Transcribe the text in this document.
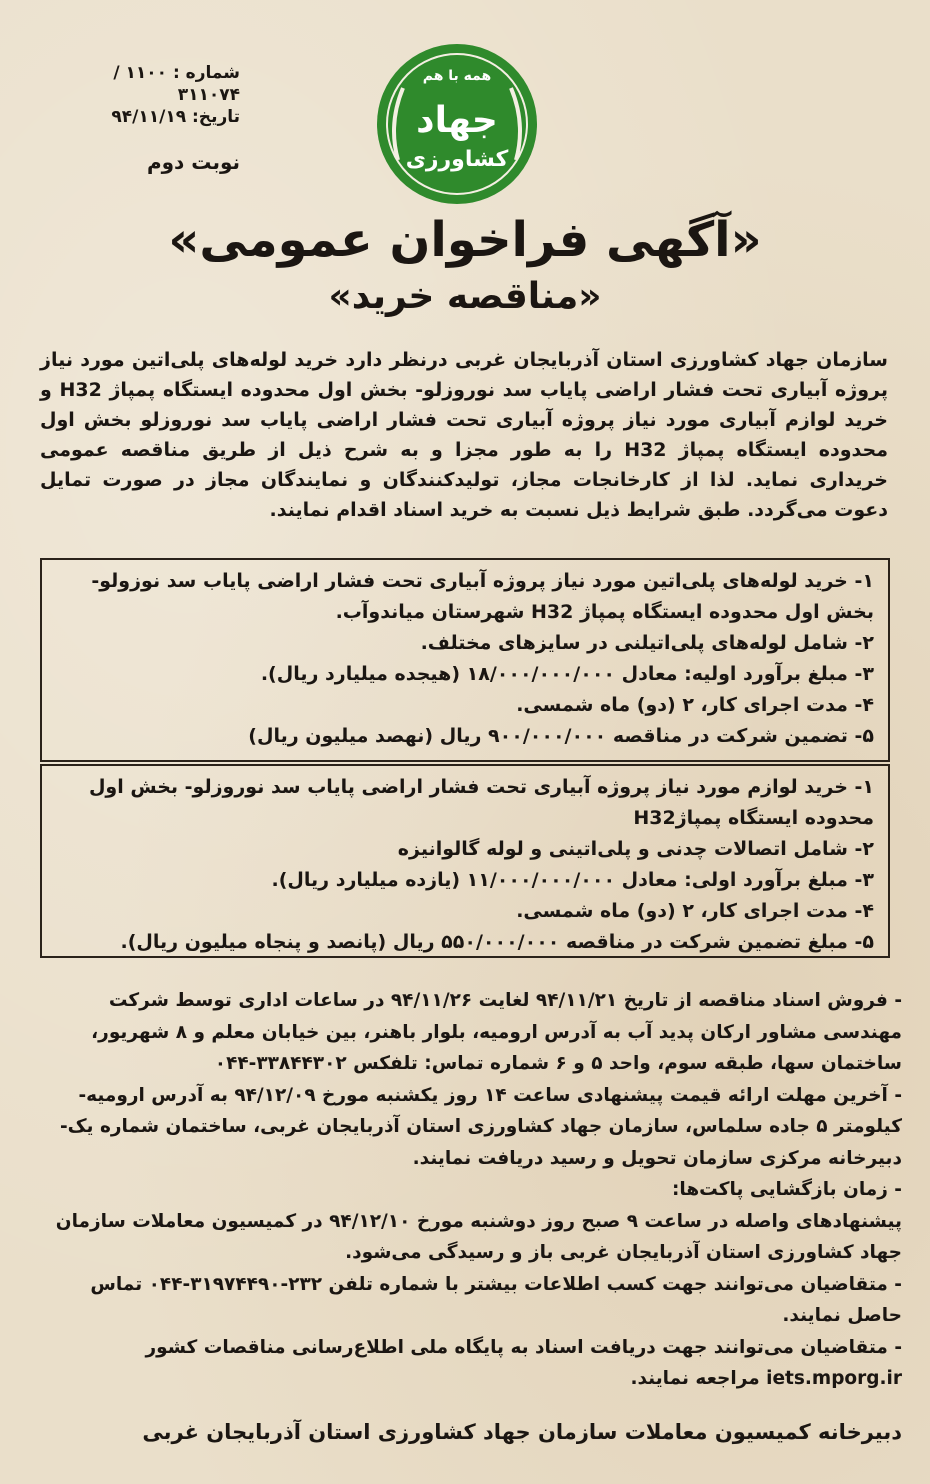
شماره : ۱۱۰۰ / ۳۱۱۰۷۴
تاریخ: ۹۴/۱۱/۱۹
نوبت دوم
همه با هم
جهاد
کشاورزی
«آگهی فراخوان عمومی»
«مناقصه خرید»
سازمان جهاد کشاورزی استان آذربایجان غربی درنظر دارد خرید لوله‌های پلی‌اتین مورد نیاز پروژه آبیاری تحت فشار اراضی پایاب سد نوروزلو- بخش اول محدوده ایستگاه پمپاژ H32 و خرید لوازم آبیاری مورد نیاز پروژه آبیاری تحت فشار اراضی پایاب سد نوروزلو بخش اول محدوده ایستگاه پمپاژ H32 را به طور مجزا و به شرح ذیل از طریق مناقصه عمومی خریداری نماید. لذا از کارخانجات مجاز، تولیدکنندگان و نمایندگان مجاز در صورت تمایل دعوت می‌گردد. طبق شرایط ذیل نسبت به خرید اسناد اقدام نمایند.

۱- خرید لوله‌های پلی‌اتین مورد نیاز پروژه آبیاری تحت فشار اراضی پایاب سد نوزولو- بخش اول محدوده ایستگاه پمپاژ H32 شهرستان میاندوآب.

۲- شامل لوله‌های پلی‌اتیلنی در سایزهای مختلف.

۳- مبلغ برآورد اولیه: معادل ۱۸/۰۰۰/۰۰۰/۰۰۰ (هیجده میلیارد ریال).

۴- مدت اجرای کار، ۲ (دو) ماه شمسی.

۵- تضمین شرکت در مناقصه ۹۰۰/۰۰۰/۰۰۰ ریال (نهصد میلیون ریال)

۱- خرید لوازم مورد نیاز پروژه آبیاری تحت فشار اراضی پایاب سد نوروزلو- بخش اول محدوده ایستگاه پمپاژH32

۲- شامل اتصالات چدنی و پلی‌اتینی و لوله گالوانیزه

۳- مبلغ برآورد اولی: معادل ۱۱/۰۰۰/۰۰۰/۰۰۰ (یازده میلیارد ریال).

۴- مدت اجرای کار، ۲ (دو) ماه شمسی.

۵- مبلغ تضمین شرکت در مناقصه ۵۵۰/۰۰۰/۰۰۰ ریال (پانصد و پنجاه میلیون ریال).

- فروش اسناد مناقصه از تاریخ ۹۴/۱۱/۲۱ لغایت ۹۴/۱۱/۲۶ در ساعات اداری توسط شرکت مهندسی مشاور ارکان پدید آب به آدرس ارومیه، بلوار باهنر، بین خیابان معلم و ۸ شهریور، ساختمان سها، طبقه سوم، واحد ۵ و ۶ شماره تماس: تلفکس ۳۳۸۴۴۳۰۲-۰۴۴

- آخرین مهلت ارائه قیمت پیشنهادی ساعت ۱۴ روز یکشنبه مورخ ۹۴/۱۲/۰۹ به آدرس ارومیه- کیلومتر ۵ جاده سلماس، سازمان جهاد کشاورزی استان آذربایجان غربی، ساختمان شماره یک- دبیرخانه مرکزی سازمان تحویل و رسید دریافت نمایند.

- زمان بازگشایی پاکت‌ها:

پیشنهادهای واصله در ساعت ۹ صبح روز دوشنبه مورخ ۹۴/۱۲/۱۰ در کمیسیون معاملات سازمان جهاد کشاورزی استان آذربایجان غربی باز و رسیدگی می‌شود.

- متقاضیان می‌توانند جهت کسب اطلاعات بیشتر با شماره تلفن ۲۳۲-۳۱۹۷۴۴۹۰-۰۴۴ تماس حاصل نمایند.

- متقاضیان می‌توانند جهت دریافت اسناد به پایگاه ملی اطلاع‌رسانی مناقصات کشور iets.mporg.ir مراجعه نمایند.

دبیرخانه کمیسیون معاملات سازمان جهاد کشاورزی استان آذربایجان غربی
